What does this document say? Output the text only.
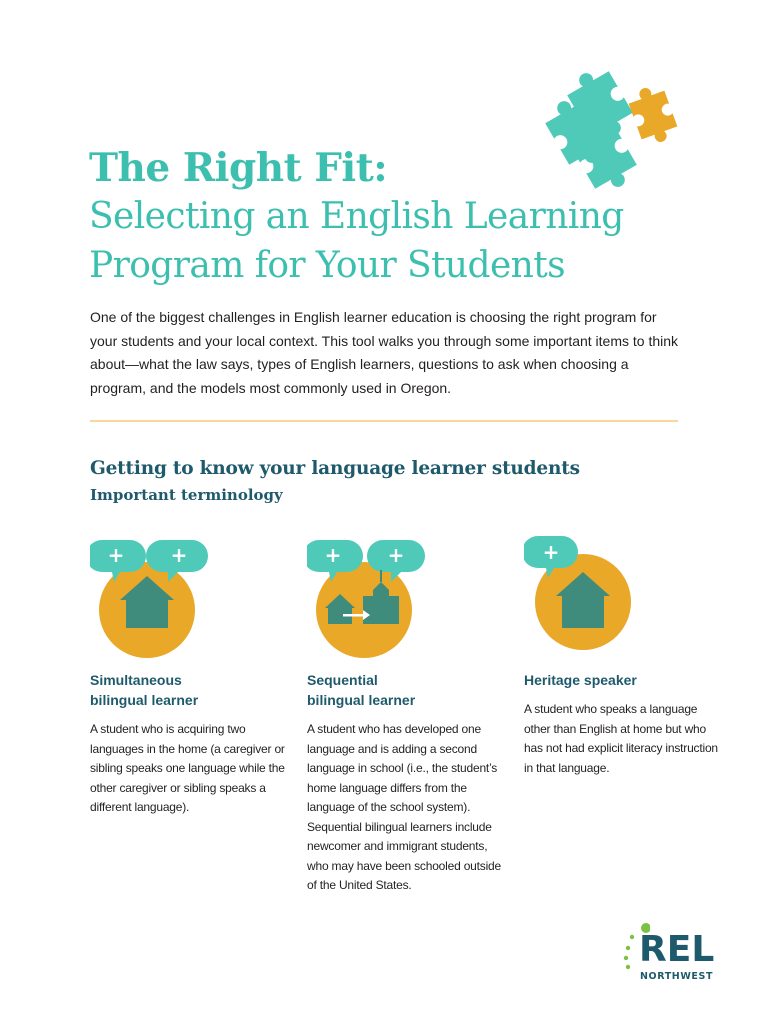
The Right Fit:
Selecting an English Learning
Program for Your Students

One of the biggest challenges in English learner education is choosing the right program for your students and your local context. This tool walks you through some important items to think about—what the law says, types of English learners, questions to ask when choosing a program, and the models most commonly used in Oregon.

Getting to know your language learner students
Important terminology
+ +
Simultaneous
bilingual learner
A student who is acquiring two languages in the home (a caregiver or sibling speaks one language while the other caregiver or sibling speaks a different language).
+ +
Sequential
bilingual learner
A student who has developed one language and is adding a second language in school (i.e., the student’s home language differs from the language of the school system). Sequential bilingual learners include newcomer and immigrant students, who may have been schooled outside of the United States.
+
Heritage speaker
A student who speaks a language other than English at home but who has not had explicit literacy instruction in that language.
REL
NORTHWEST
